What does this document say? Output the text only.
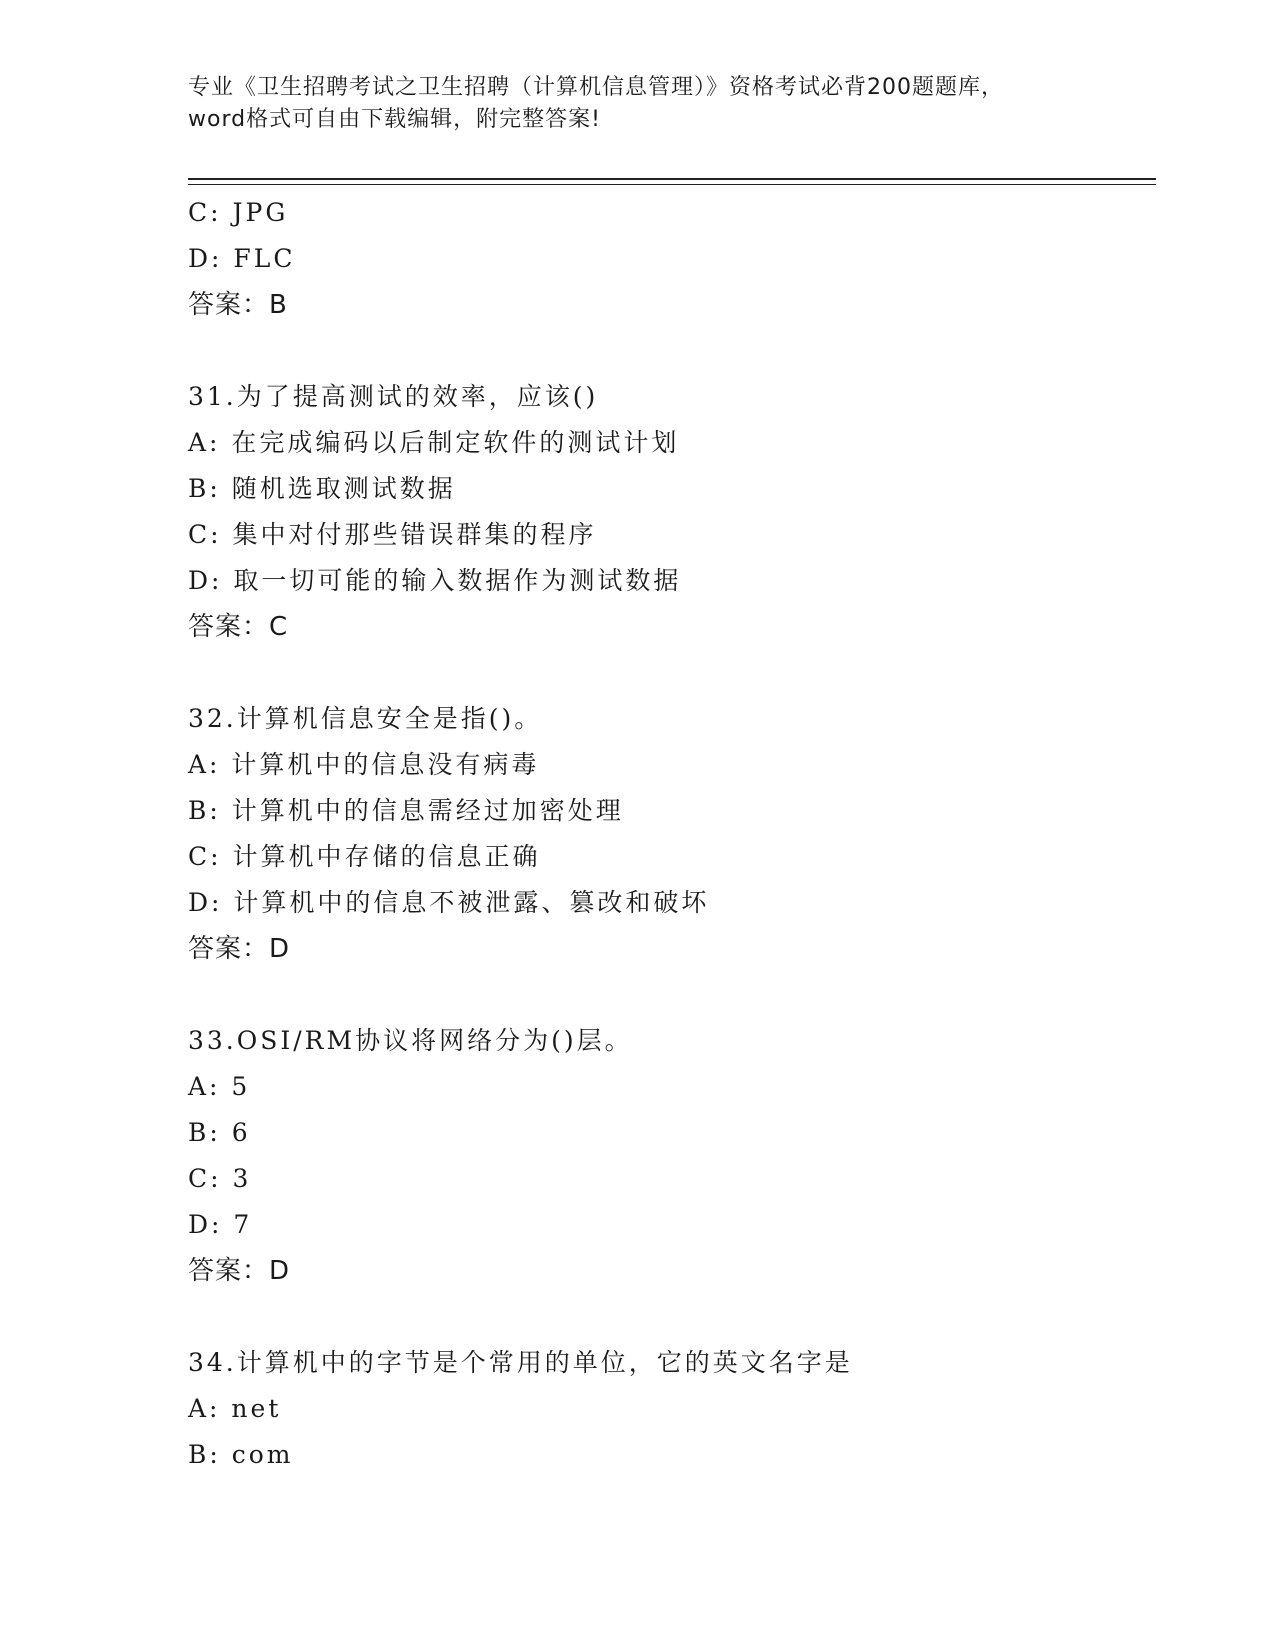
专业《卫生招聘考试之卫生招聘（计算机信息管理）》资格考试必背200题题库，
word格式可自由下载编辑，附完整答案!
C: JPG
D: FLC
答案：B
31.为了提高测试的效率，应该()
A: 在完成编码以后制定软件的测试计划
B: 随机选取测试数据
C: 集中对付那些错误群集的程序
D: 取一切可能的输入数据作为测试数据
答案：C
32.计算机信息安全是指()。
A: 计算机中的信息没有病毒
B: 计算机中的信息需经过加密处理
C: 计算机中存储的信息正确
D: 计算机中的信息不被泄露、篡改和破坏
答案：D
33.OSI/RM协议将网络分为()层。
A: 5
B: 6
C: 3
D: 7
答案：D
34.计算机中的字节是个常用的单位，它的英文名字是
A: net
B: com
